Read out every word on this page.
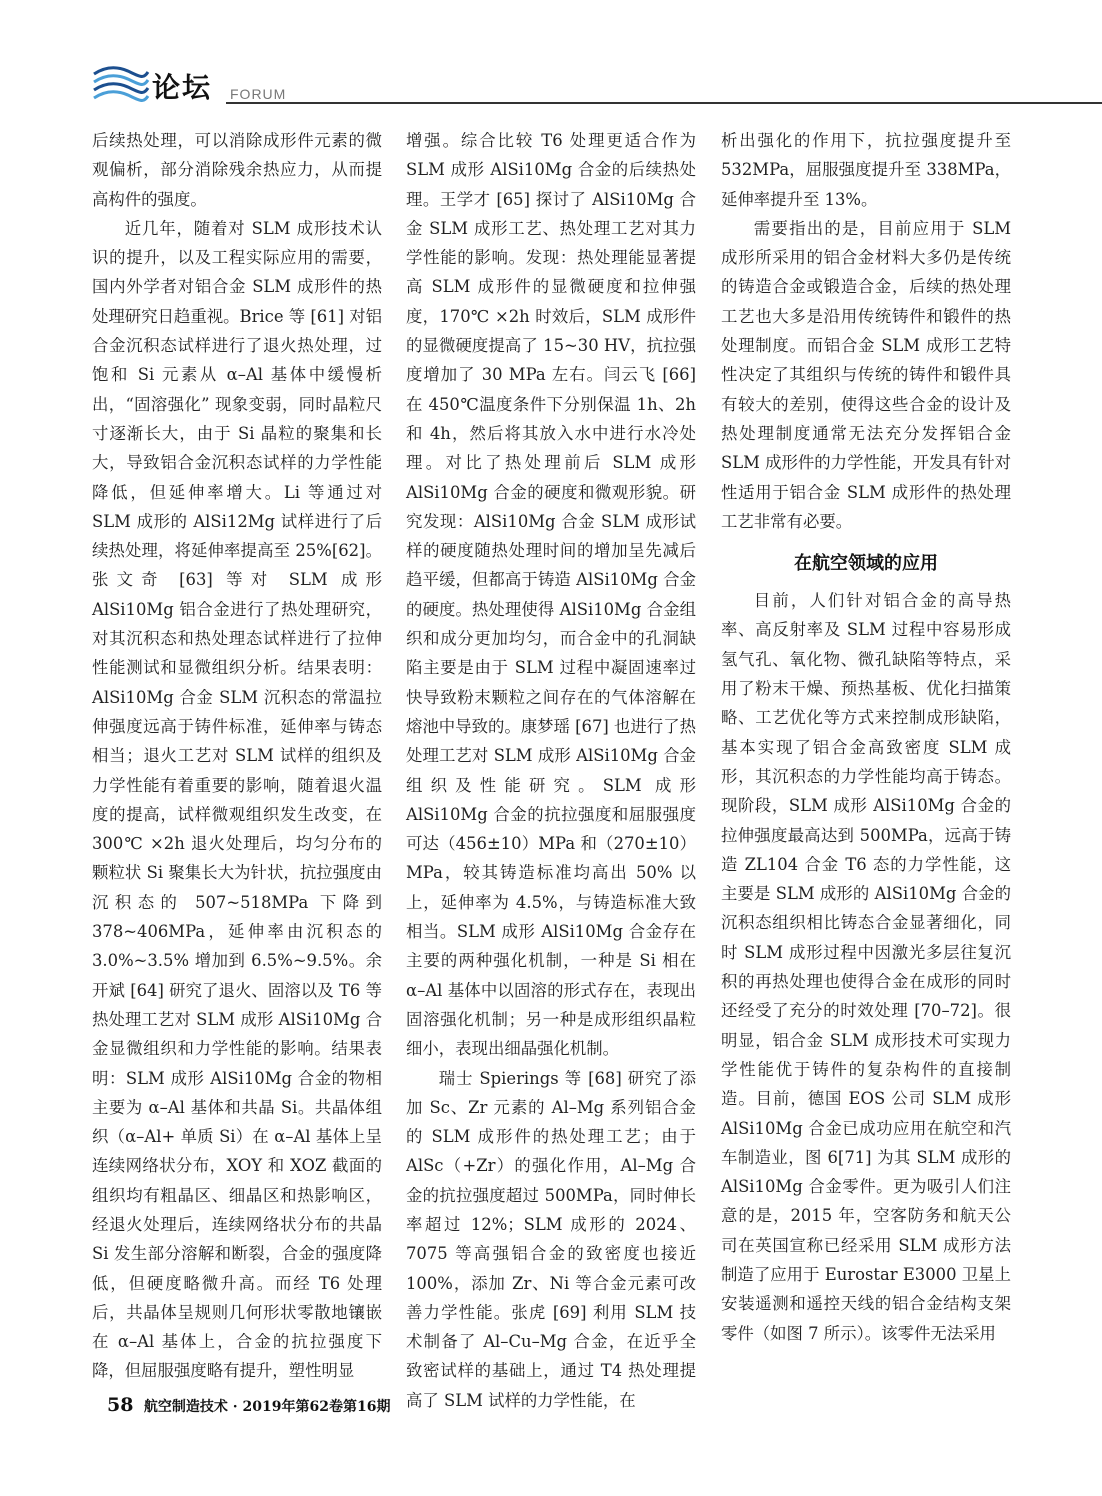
论坛 FORUM

后续热处理，可以消除成形件元素的微观偏析，部分消除残余热应力，从而提高构件的强度。

近几年，随着对 SLM 成形技术认识的提升，以及工程实际应用的需要，国内外学者对铝合金 SLM 成形件的热处理研究日趋重视。Brice 等 [61] 对铝合金沉积态试样进行了退火热处理，过饱和 Si 元素从 α–Al 基体中缓慢析出，“固溶强化” 现象变弱，同时晶粒尺寸逐渐长大，由于 Si 晶粒的聚集和长大，导致铝合金沉积态试样的力学性能降低，但延伸率增大。Li 等通过对 SLM 成形的 AlSi12Mg 试样进行了后续热处理，将延伸率提高至 25%[62]。张文奇 [63] 等对 SLM 成形 AlSi10Mg 铝合金进行了热处理研究，对其沉积态和热处理态试样进行了拉伸性能测试和显微组织分析。结果表明：AlSi10Mg 合金 SLM 沉积态的常温拉伸强度远高于铸件标准，延伸率与铸态相当；退火工艺对 SLM 试样的组织及力学性能有着重要的影响，随着退火温度的提高，试样微观组织发生改变，在 300℃ ×2h 退火处理后，均匀分布的颗粒状 Si 聚集长大为针状，抗拉强度由沉积态的 507~518MPa 下降到 378~406MPa，延伸率由沉积态的 3.0%~3.5% 增加到 6.5%~9.5%。余开斌 [64] 研究了退火、固溶以及 T6 等热处理工艺对 SLM 成形 AlSi10Mg 合金显微组织和力学性能的影响。结果表明：SLM 成形 AlSi10Mg 合金的物相主要为 α–Al 基体和共晶 Si。共晶体组织（α–Al+ 单质 Si）在 α–Al 基体上呈连续网络状分布，XOY 和 XOZ 截面的组织均有粗晶区、细晶区和热影响区，经退火处理后，连续网络状分布的共晶 Si 发生部分溶解和断裂，合金的强度降低，但硬度略微升高。而经 T6 处理后，共晶体呈规则几何形状零散地镶嵌在 α–Al 基体上，合金的抗拉强度下降，但屈服强度略有提升，塑性明显

增强。综合比较 T6 处理更适合作为 SLM 成形 AlSi10Mg 合金的后续热处理。王学才 [65] 探讨了 AlSi10Mg 合金 SLM 成形工艺、热处理工艺对其力学性能的影响。发现：热处理能显著提高 SLM 成形件的显微硬度和拉伸强度，170℃ ×2h 时效后，SLM 成形件的显微硬度提高了 15~30 HV，抗拉强度增加了 30 MPa 左右。闫云飞 [66] 在 450℃温度条件下分别保温 1h、2h 和 4h，然后将其放入水中进行水冷处理。对比了热处理前后 SLM 成形 AlSi10Mg 合金的硬度和微观形貌。研究发现：AlSi10Mg 合金 SLM 成形试样的硬度随热处理时间的增加呈先减后趋平缓，但都高于铸造 AlSi10Mg 合金的硬度。热处理使得 AlSi10Mg 合金组织和成分更加均匀，而合金中的孔洞缺陷主要是由于 SLM 过程中凝固速率过快导致粉末颗粒之间存在的气体溶解在熔池中导致的。康梦瑶 [67] 也进行了热处理工艺对 SLM 成形 AlSi10Mg 合金组织及性能研究。SLM 成形 AlSi10Mg 合金的抗拉强度和屈服强度可达（456±10）MPa 和（270±10）MPa，较其铸造标准均高出 50% 以上，延伸率为 4.5%，与铸造标准大致相当。SLM 成形 AlSi10Mg 合金存在主要的两种强化机制，一种是 Si 相在 α–Al 基体中以固溶的形式存在，表现出固溶强化机制；另一种是成形组织晶粒细小，表现出细晶强化机制。

瑞士 Spierings 等 [68] 研究了添加 Sc、Zr 元素的 Al–Mg 系列铝合金的 SLM 成形件的热处理工艺；由于 AlSc（+Zr）的强化作用，Al–Mg 合金的抗拉强度超过 500MPa，同时伸长率超过 12%；SLM 成形的 2024、7075 等高强铝合金的致密度也接近 100%，添加 Zr、Ni 等合金元素可改善力学性能。张虎 [69] 利用 SLM 技术制备了 Al–Cu–Mg 合金，在近乎全致密试样的基础上，通过 T4 热处理提高了 SLM 试样的力学性能，在

析出强化的作用下，抗拉强度提升至 532MPa，屈服强度提升至 338MPa，延伸率提升至 13%。

需要指出的是，目前应用于 SLM 成形所采用的铝合金材料大多仍是传统的铸造合金或锻造合金，后续的热处理工艺也大多是沿用传统铸件和锻件的热处理制度。而铝合金 SLM 成形工艺特性决定了其组织与传统的铸件和锻件具有较大的差别，使得这些合金的设计及热处理制度通常无法充分发挥铝合金 SLM 成形件的力学性能，开发具有针对性适用于铝合金 SLM 成形件的热处理工艺非常有必要。

在航空领域的应用

目前，人们针对铝合金的高导热率、高反射率及 SLM 过程中容易形成氢气孔、氧化物、微孔缺陷等特点，采用了粉末干燥、预热基板、优化扫描策略、工艺优化等方式来控制成形缺陷，基本实现了铝合金高致密度 SLM 成形，其沉积态的力学性能均高于铸态。现阶段，SLM 成形 AlSi10Mg 合金的拉伸强度最高达到 500MPa，远高于铸造 ZL104 合金 T6 态的力学性能，这主要是 SLM 成形的 AlSi10Mg 合金的沉积态组织相比铸态合金显著细化，同时 SLM 成形过程中因激光多层往复沉积的再热处理也使得合金在成形的同时还经受了充分的时效处理 [70–72]。很明显，铝合金 SLM 成形技术可实现力学性能优于铸件的复杂构件的直接制造。目前，德国 EOS 公司 SLM 成形 AlSi10Mg 合金已成功应用在航空和汽车制造业，图 6[71] 为其 SLM 成形的 AlSi10Mg 合金零件。更为吸引人们注意的是，2015 年，空客防务和航天公司在英国宣称已经采用 SLM 成形方法制造了应用于 Eurostar E3000 卫星上安装遥测和遥控天线的铝合金结构支架零件（如图 7 所示）。该零件无法采用

58 航空制造技术 · 2019年第62卷第16期
